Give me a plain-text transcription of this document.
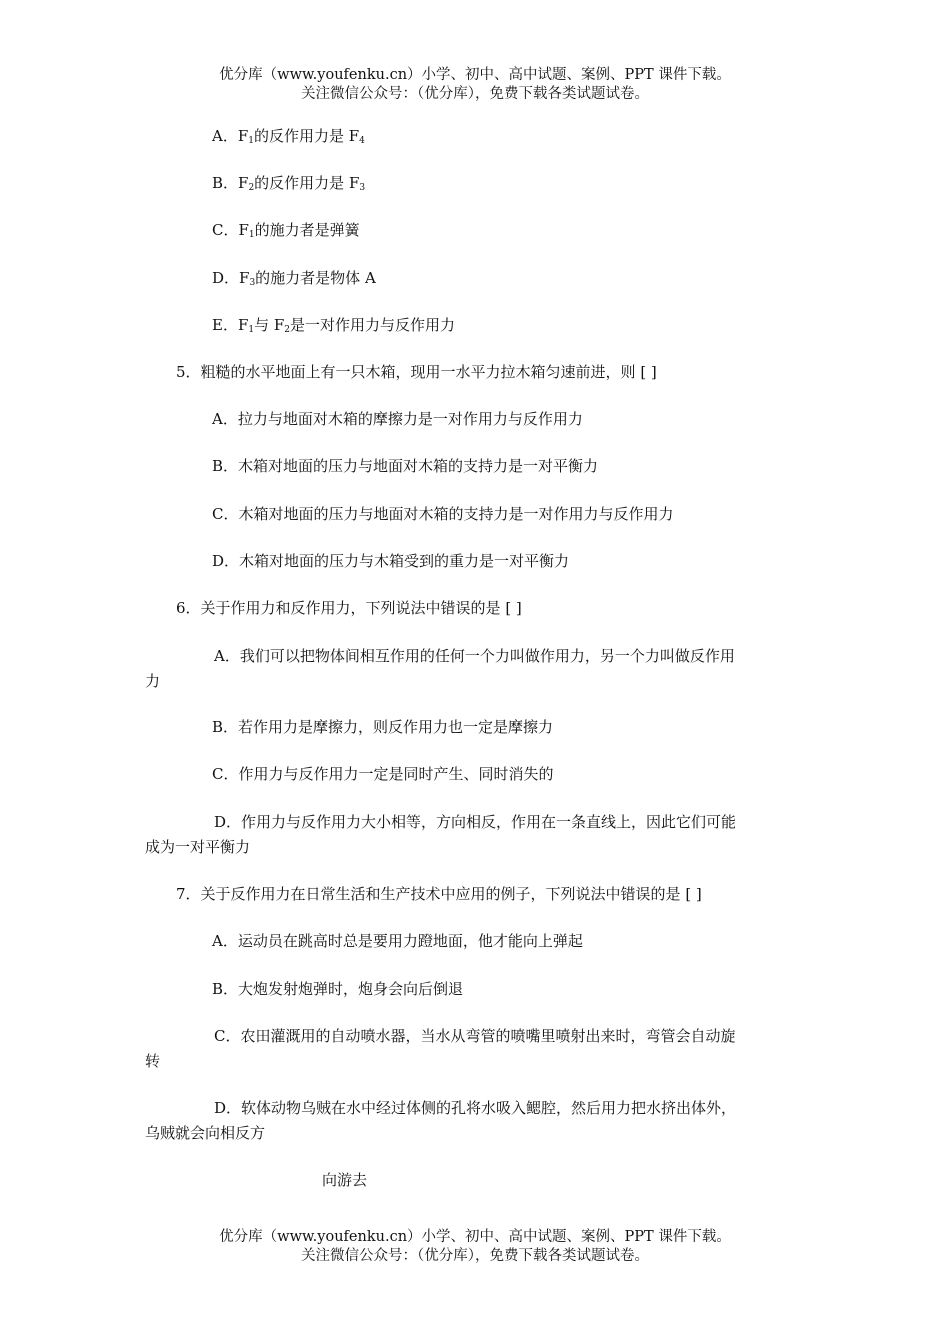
优分库（www.youfenku.cn）小学、初中、高中试题、案例、PPT 课件下载。

关注微信公众号：（优分库），免费下载各类试题试卷。

A．$F_1$的反作用力是 $F_4$

B．$F_2$的反作用力是 $F_3$

C．$F_1$的施力者是弹簧

D．$F_3$的施力者是物体 A

E．$F_1$与 $F_2$是一对作用力与反作用力

5．粗糙的水平地面上有一只木箱，现用一水平力拉木箱匀速前进，则 [ ]

A．拉力与地面对木箱的摩擦力是一对作用力与反作用力

B．木箱对地面的压力与地面对木箱的支持力是一对平衡力

C．木箱对地面的压力与地面对木箱的支持力是一对作用力与反作用力

D．木箱对地面的压力与木箱受到的重力是一对平衡力

6．关于作用力和反作用力，下列说法中错误的是 [ ]

A．我们可以把物体间相互作用的任何一个力叫做作用力，另一个力叫做反作用

力

B．若作用力是摩擦力，则反作用力也一定是摩擦力

C．作用力与反作用力一定是同时产生、同时消失的

D．作用力与反作用力大小相等，方向相反，作用在一条直线上，因此它们可能

成为一对平衡力

7．关于反作用力在日常生活和生产技术中应用的例子，下列说法中错误的是 [ ]

A．运动员在跳高时总是要用力蹬地面，他才能向上弹起

B．大炮发射炮弹时，炮身会向后倒退

C．农田灌溉用的自动喷水器，当水从弯管的喷嘴里喷射出来时，弯管会自动旋

转

D．软体动物乌贼在水中经过体侧的孔将水吸入鳃腔，然后用力把水挤出体外，

乌贼就会向相反方

向游去

优分库（www.youfenku.cn）小学、初中、高中试题、案例、PPT 课件下载。

关注微信公众号：（优分库），免费下载各类试题试卷。
